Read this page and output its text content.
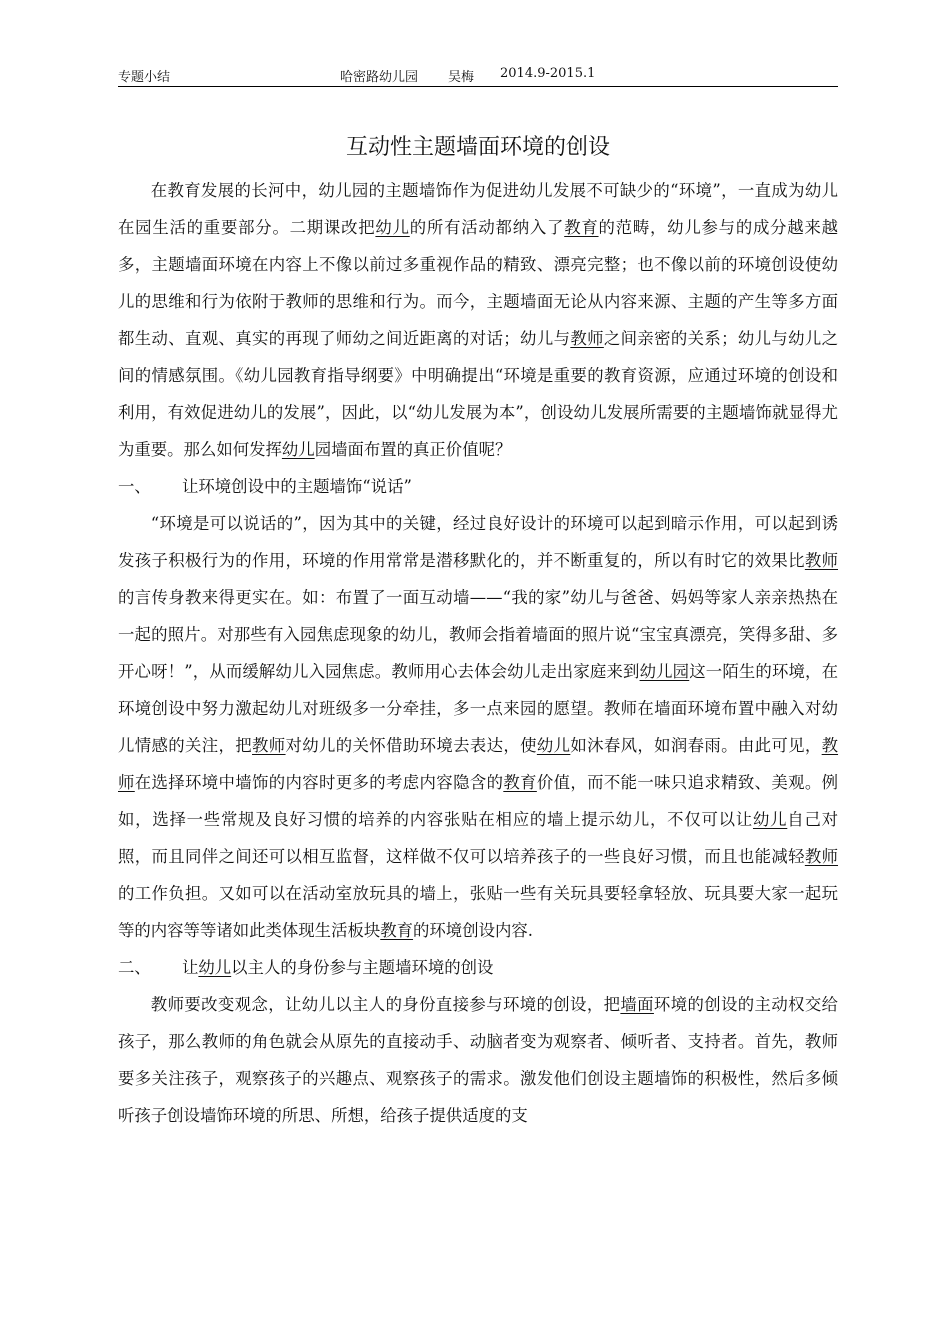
专题小结	哈密路幼儿园 吴梅 2014.9-2015.1
互动性主题墙面环境的创设

在教育发展的长河中，幼儿园的主题墙饰作为促进幼儿发展不可缺少的“环境”，一直成为幼儿在园生活的重要部分。二期课改把幼儿的所有活动都纳入了教育的范畴，幼儿参与的成分越来越多，主题墙面环境在内容上不像以前过多重视作品的精致、漂亮完整；也不像以前的环境创设使幼儿的思维和行为依附于教师的思维和行为。而今，主题墙面无论从内容来源、主题的产生等多方面都生动、直观、真实的再现了师幼之间近距离的对话；幼儿与教师之间亲密的关系；幼儿与幼儿之间的情感氛围。《幼儿园教育指导纲要》中明确提出“环境是重要的教育资源，应通过环境的创设和利用，有效促进幼儿的发展”，因此，以“幼儿发展为本”，创设幼儿发展所需要的主题墙饰就显得尤为重要。那么如何发挥幼儿园墙面布置的真正价值呢？

一、 让环境创设中的主题墙饰“说话”

“环境是可以说话的”，因为其中的关键，经过良好设计的环境可以起到暗示作用，可以起到诱发孩子积极行为的作用，环境的作用常常是潜移默化的，并不断重复的，所以有时它的效果比教师的言传身教来得更实在。如：布置了一面互动墙——“我的家”幼儿与爸爸、妈妈等家人亲亲热热在一起的照片。对那些有入园焦虑现象的幼儿，教师会指着墙面的照片说“宝宝真漂亮，笑得多甜、多开心呀！”，从而缓解幼儿入园焦虑。教师用心去体会幼儿走出家庭来到幼儿园这一陌生的环境，在环境创设中努力激起幼儿对班级多一分牵挂，多一点来园的愿望。教师在墙面环境布置中融入对幼儿情感的关注，把教师对幼儿的关怀借助环境去表达，使幼儿如沐春风，如润春雨。由此可见，教师在选择环境中墙饰的内容时更多的考虑内容隐含的教育价值，而不能一味只追求精致、美观。例如，选择一些常规及良好习惯的培养的内容张贴在相应的墙上提示幼儿，不仅可以让幼儿自己对照，而且同伴之间还可以相互监督，这样做不仅可以培养孩子的一些良好习惯，而且也能减轻教师的工作负担。又如可以在活动室放玩具的墙上，张贴一些有关玩具要轻拿轻放、玩具要大家一起玩等的内容等等诸如此类体现生活板块教育的环境创设内容.

二、 让幼儿以主人的身份参与主题墙环境的创设

教师要改变观念，让幼儿以主人的身份直接参与环境的创设，把墙面环境的创设的主动权交给孩子，那么教师的角色就会从原先的直接动手、动脑者变为观察者、倾听者、支持者。首先，教师要多关注孩子，观察孩子的兴趣点、观察孩子的需求。激发他们创设主题墙饰的积极性，然后多倾听孩子创设墙饰环境的所思、所想，给孩子提供适度的支
